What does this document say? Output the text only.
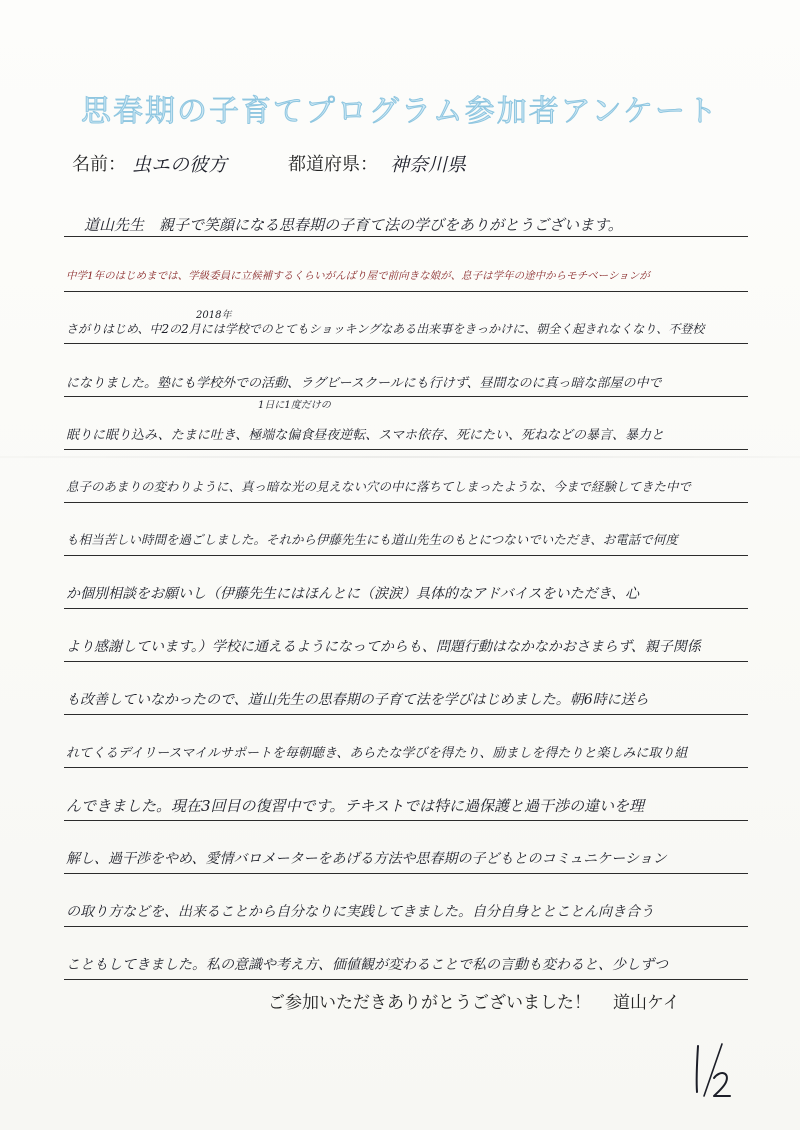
思春期の子育てプログラム参加者アンケート
名前： 虫エの彼方	都道府県： 神奈川県
2018年
1日に1度だけの
道山先生　親子で笑顔になる思春期の子育て法の学びをありがとうございます。
中学1年のはじめまでは、学級委員に立候補するくらいがんばり屋で前向きな娘が、息子は学年の途中からモチベーションが
さがりはじめ、中2の2月には学校でのとてもショッキングなある出来事をきっかけに、朝全く起きれなくなり、不登校
になりました。塾にも学校外での活動、ラグビースクールにも行けず、昼間なのに真っ暗な部屋の中で
眠りに眠り込み、たまに吐き、極端な偏食昼夜逆転、スマホ依存、死にたい、死ねなどの暴言、暴力と
息子のあまりの変わりように、真っ暗な光の見えない穴の中に落ちてしまったような、今まで経験してきた中で
も相当苦しい時間を過ごしました。それから伊藤先生にも道山先生のもとにつないでいただき、お電話で何度
か個別相談をお願いし（伊藤先生にはほんとに（涙涙）具体的なアドバイスをいただき、心
より感謝しています。）学校に通えるようになってからも、問題行動はなかなかおさまらず、親子関係
も改善していなかったので、道山先生の思春期の子育て法を学びはじめました。朝6時に送ら
れてくるデイリースマイルサポートを毎朝聴き、あらたな学びを得たり、励ましを得たりと楽しみに取り組
んできました。現在3回目の復習中です。テキストでは特に過保護と過干渉の違いを理
解し、過干渉をやめ、愛情バロメーターをあげる方法や思春期の子どもとのコミュニケーション
の取り方などを、出来ることから自分なりに実践してきました。自分自身ととことん向き合う
こともしてきました。私の意識や考え方、価値観が変わることで私の言動も変わると、少しずつ
ご参加いただきありがとうございました！ 道山ケイ
